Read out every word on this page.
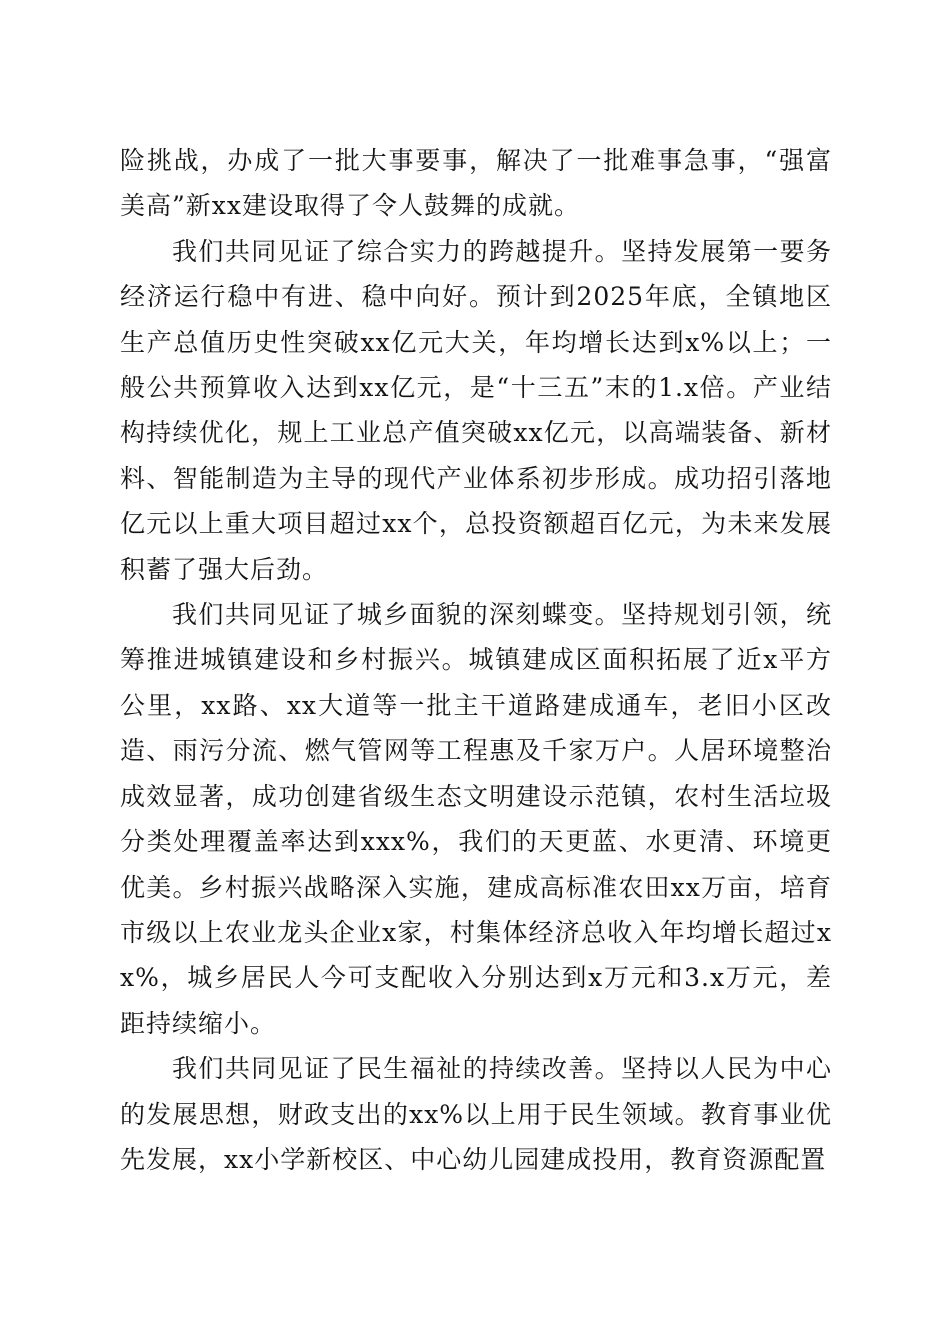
险挑战，办成了一批大事要事，解决了一批难事急事，“强富美高”新xx建设取得了令人鼓舞的成就。

我们共同见证了综合实力的跨越提升。坚持发展第一要务经济运行稳中有进、稳中向好。预计到2025年底，全镇地区生产总值历史性突破xx亿元大关，年均增长达到x%以上；一般公共预算收入达到xx亿元，是“十三五”末的1.x倍。产业结构持续优化，规上工业总产值突破xx亿元，以高端装备、新材料、智能制造为主导的现代产业体系初步形成。成功招引落地亿元以上重大项目超过xx个，总投资额超百亿元，为未来发展积蓄了强大后劲。

我们共同见证了城乡面貌的深刻蝶变。坚持规划引领，统筹推进城镇建设和乡村振兴。城镇建成区面积拓展了近x平方公里，xx路、xx大道等一批主干道路建成通车，老旧小区改造、雨污分流、燃气管网等工程惠及千家万户。人居环境整治成效显著，成功创建省级生态文明建设示范镇，农村生活垃圾分类处理覆盖率达到xxx%，我们的天更蓝、水更清、环境更优美。乡村振兴战略深入实施，建成高标准农田xx万亩，培育市级以上农业龙头企业x家，村集体经济总收入年均增长超过xx%，城乡居民人今可支配收入分别达到x万元和3.x万元，差距持续缩小。

我们共同见证了民生福祉的持续改善。坚持以人民为中心的发展思想，财政支出的xx%以上用于民生领域。教育事业优先发展，xx小学新校区、中心幼儿园建成投用，教育资源配置
